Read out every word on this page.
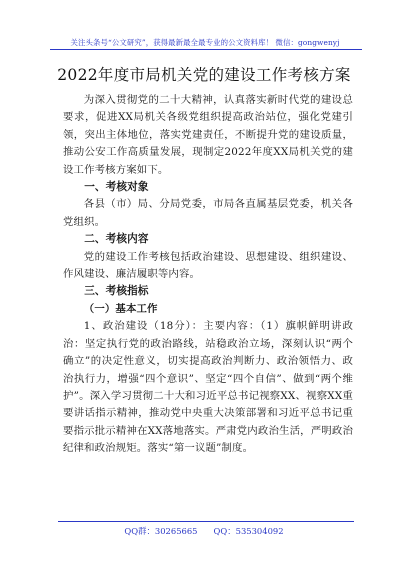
关注头条号“公文研究”，获得最新最全最专业的公文资料库！ 微信：gongwenyj
2022年度市局机关党的建设工作考核方案

为深入贯彻党的二十大精神，认真落实新时代党的建设总要求，促进XX局机关各级党组织提高政治站位，强化党建引领，突出主体地位，落实党建责任，不断提升党的建设质量，推动公安工作高质量发展，现制定2022年度XX局机关党的建设工作考核方案如下。

一、考核对象

各县（市）局、分局党委，市局各直属基层党委，机关各党组织。

二、考核内容

党的建设工作考核包括政治建设、思想建设、组织建设、作风建设、廉洁履职等内容。

三、考核指标

（一）基本工作

1、政治建设（18分）：主要内容：（1）旗帜鲜明讲政治：坚定执行党的政治路线，站稳政治立场，深刻认识“两个确立”的决定性意义，切实提高政治判断力、政治领悟力、政治执行力，增强“四个意识”、坚定“四个自信”、做到“两个维护”。深入学习贯彻二十大和习近平总书记视察XX、视察XX重要讲话指示精神，推动党中央重大决策部署和习近平总书记重要指示批示精神在XX落地落实。严肃党内政治生活，严明政治纪律和政治规矩。落实“第一议题”制度。

QQ群：30265665 QQ：535304092
